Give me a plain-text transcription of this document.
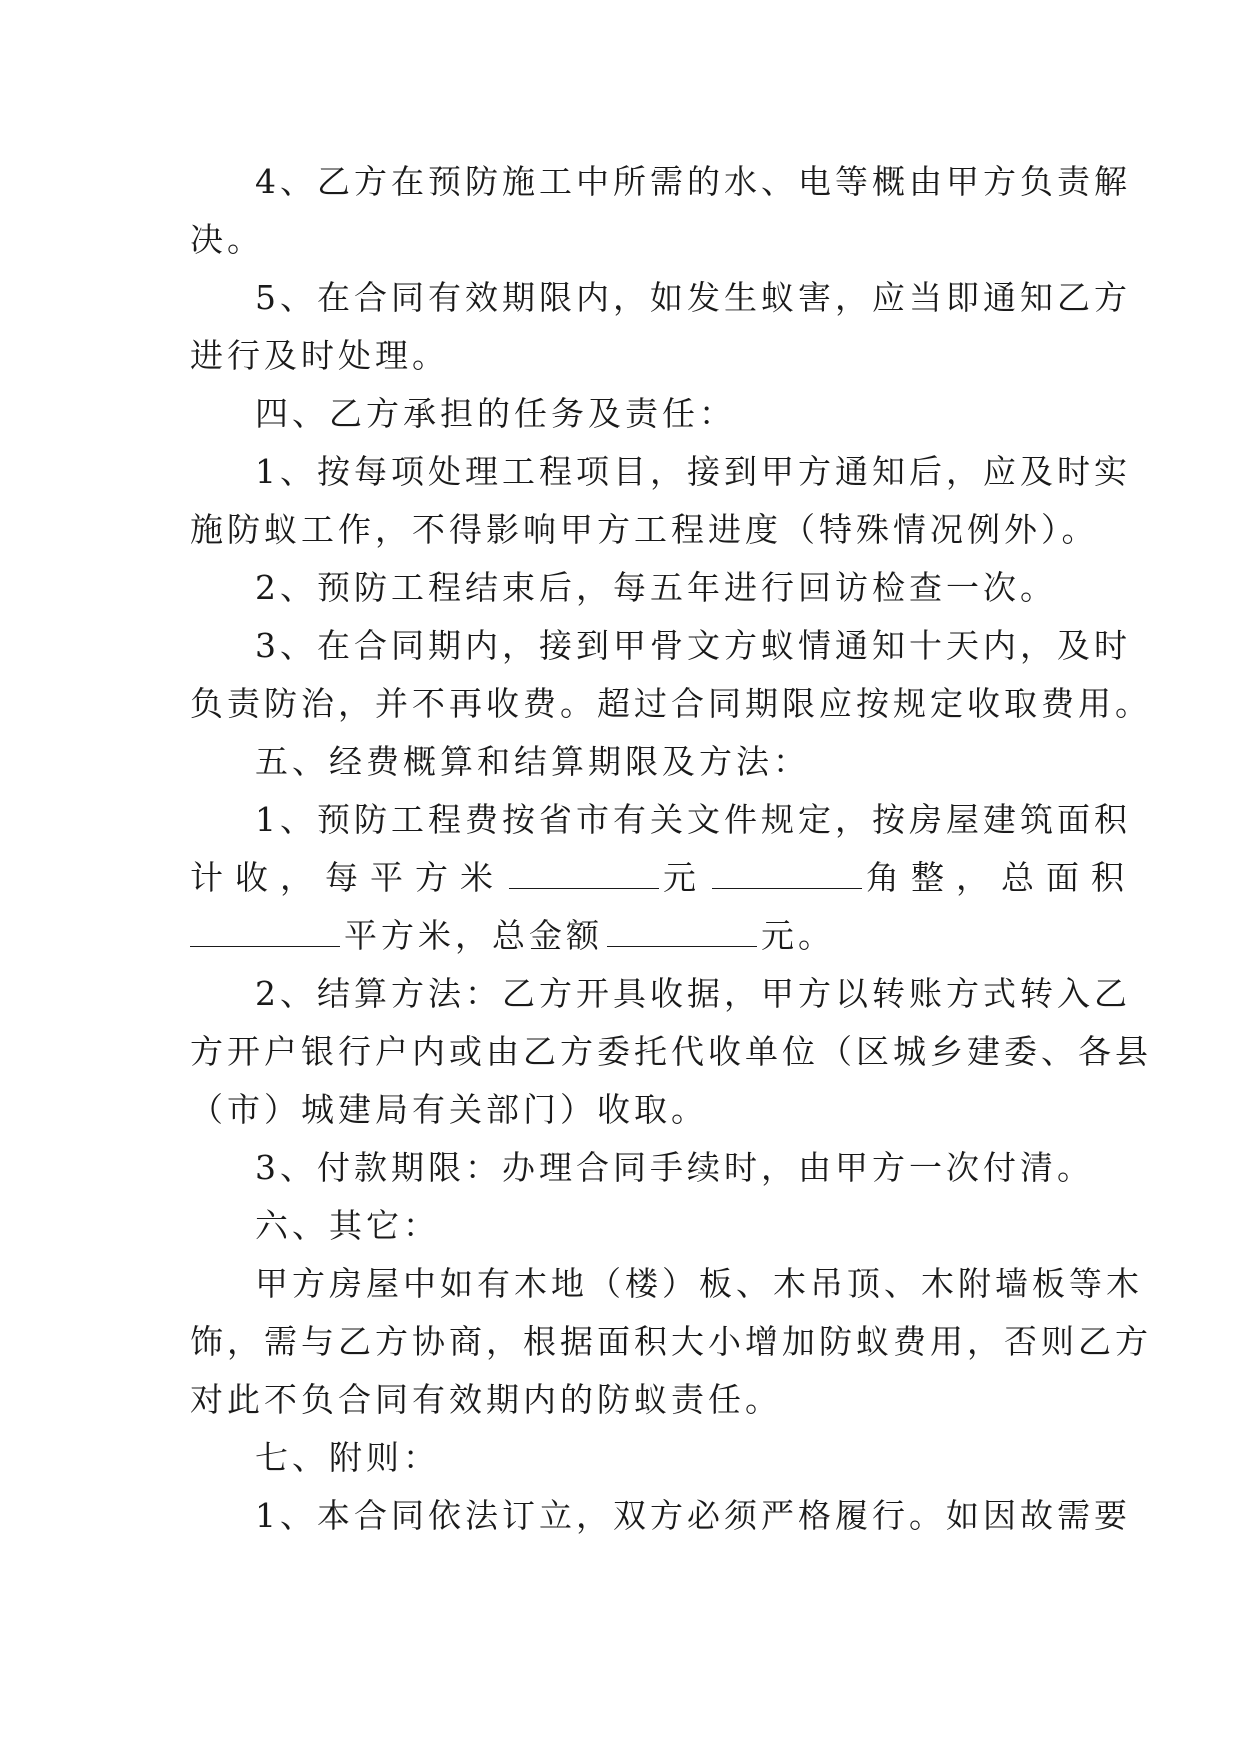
4、乙方在预防施工中所需的水、电等概由甲方负责解
决。
5、在合同有效期限内，如发生蚁害，应当即通知乙方
进行及时处理。
四、乙方承担的任务及责任：
1、按每项处理工程项目，接到甲方通知后，应及时实
施防蚁工作，不得影响甲方工程进度（特殊情况例外）。
2、预防工程结束后，每五年进行回访检查一次。
3、在合同期内，接到甲骨文方蚁情通知十天内，及时
负责防治，并不再收费。超过合同期限应按规定收取费用。
五、经费概算和结算期限及方法：
1、预防工程费按省市有关文件规定，按房屋建筑面积
计收，每平方米	元	角整，总面积
平方米，总金额	元。
2、结算方法：乙方开具收据，甲方以转账方式转入乙
方开户银行户内或由乙方委托代收单位（区城乡建委、各县
（市）城建局有关部门）收取。
3、付款期限：办理合同手续时，由甲方一次付清。
六、其它：
甲方房屋中如有木地（楼）板、木吊顶、木附墙板等木
饰，需与乙方协商，根据面积大小增加防蚁费用，否则乙方
对此不负合同有效期内的防蚁责任。
七、附则：
1、本合同依法订立，双方必须严格履行。如因故需要
